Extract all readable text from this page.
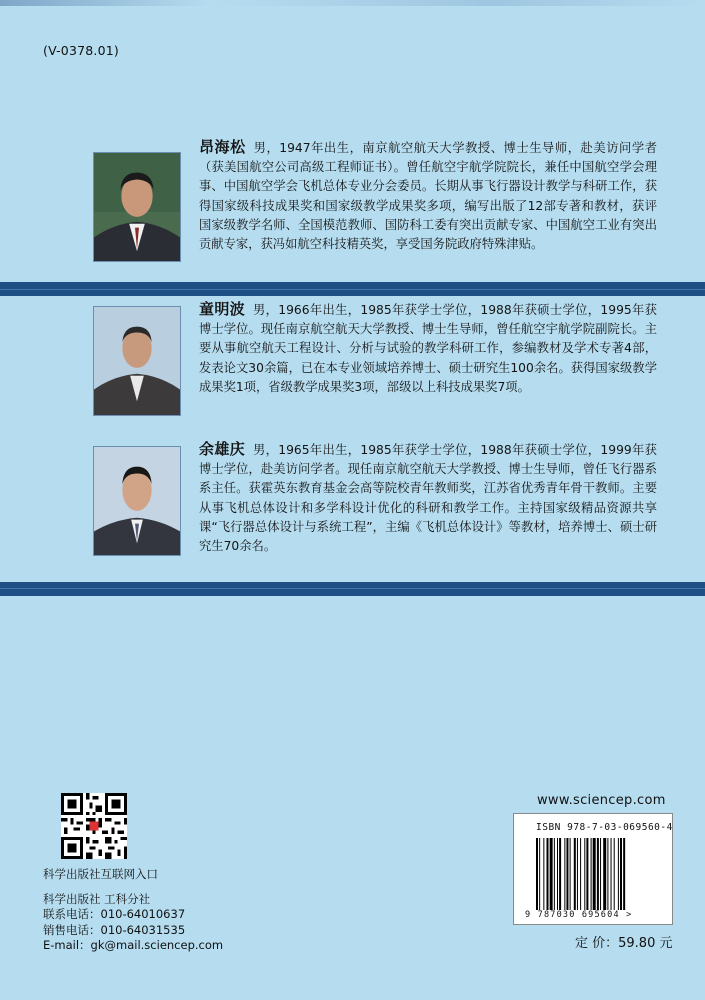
(V-0378.01)
昂海松 男，1947年出生，南京航空航天大学教授、博士生导师，赴美访问学者（获美国航空公司高级工程师证书）。曾任航空宇航学院院长，兼任中国航空学会理事、中国航空学会飞机总体专业分会委员。长期从事飞行器设计教学与科研工作，获得国家级科技成果奖和国家级教学成果奖多项，编写出版了12部专著和教材，获评国家级教学名师、全国模范教师、国防科工委有突出贡献专家、中国航空工业有突出贡献专家，获冯如航空科技精英奖，享受国务院政府特殊津贴。
童明波 男，1966年出生，1985年获学士学位，1988年获硕士学位，1995年获博士学位。现任南京航空航天大学教授、博士生导师，曾任航空宇航学院副院长。主要从事航空航天工程设计、分析与试验的教学科研工作，参编教材及学术专著4部，发表论文30余篇，已在本专业领域培养博士、硕士研究生100余名。获得国家级教学成果奖1项，省级教学成果奖3项，部级以上科技成果奖7项。
余雄庆 男，1965年出生，1985年获学士学位，1988年获硕士学位，1999年获博士学位，赴美访问学者。现任南京航空航天大学教授、博士生导师，曾任飞行器系系主任。获霍英东教育基金会高等院校青年教师奖，江苏省优秀青年骨干教师。主要从事飞机总体设计和多学科设计优化的科研和教学工作。主持国家级精品资源共享课“飞行器总体设计与系统工程”，主编《飞机总体设计》等教材，培养博士、硕士研究生70余名。
科学出版社互联网入口
科学出版社 工科分社
联系电话：010-64010637
销售电话：010-64031535
E-mail：gk@mail.sciencep.com
www.sciencep.com
ISBN 978-7-03-069560-4
9 787030 695604 >
定 价：59.80 元
